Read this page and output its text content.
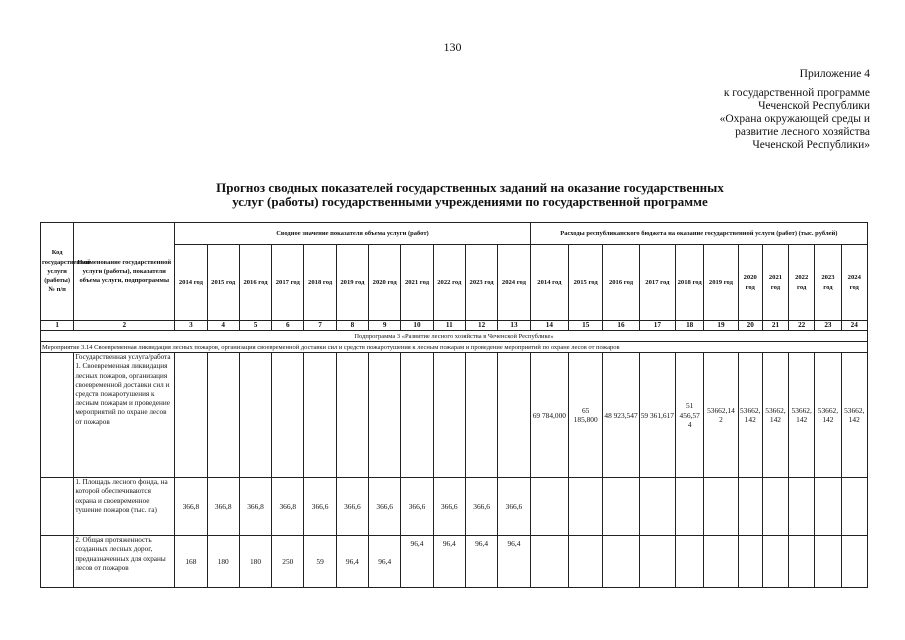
130
Приложение 4
к государственной программе
Чеченской Республики
«Охрана окружающей среды и
развитие лесного хозяйства
Чеченской Республики»
Прогноз сводных показателей государственных заданий на оказание государственных
услуг (работы) государственными учреждениями по государственной программе
Код государственной услуги (работы) № п/п	Наименование государственной услуги (работы), показатели объема услуги, подпрограммы	Сводное значение показателя объема услуги (работ)											Расходы республиканского бюджета на оказание государственной услуги (работ) (тыс. рублей)										
		2014 год	2015 год	2016 год	2017 год	2018 год	2019 год	2020 год	2021 год	2022 год	2023 год	2024 год	2014 год	2015 год	2016 год	2017 год	2018 год	2019 год	2020 год	2021 год	2022 год	2023 год	2024 год
1	2	3	4	5	6	7	8	9	10	11	12	13	14	15	16	17	18	19	20	21	22	23	24
Подпрограмма 3 «Развитие лесного хозяйства в Чеченской Республике»																							
Мероприятие 3.14 Своевременная ликвидация лесных пожаров, организация своевременной доставки сил и средств пожаротушения к лесным пожарам и проведение мероприятий по охране лесов от пожаров																							
	Государственная услуга/работа 1. Своевременная ликвидация лесных пожаров, организация своевременной доставки сил и средств пожаротушения к лесным пожарам и проведение мероприятий по охране лесов от пожаров												69 784,000	65 185,800	48 923,547	59 361,617	51 456,57 4	53662,14 2	53662, 142	53662, 142	53662, 142	53662, 142	53662, 142
	1. Площадь лесного фонда, на которой обеспечиваются охрана и своевременное тушение пожаров (тыс. га)	366,8	366,8	366,8	366,8	366,6	366,6	366,6	366,6	366,6	366,6	366,6											
	2. Общая протяженность созданных лесных дорог, предназначенных для охраны лесов от пожаров	168	180	180	250	59	96,4	96,4	96,4	96,4	96,4	96,4											
